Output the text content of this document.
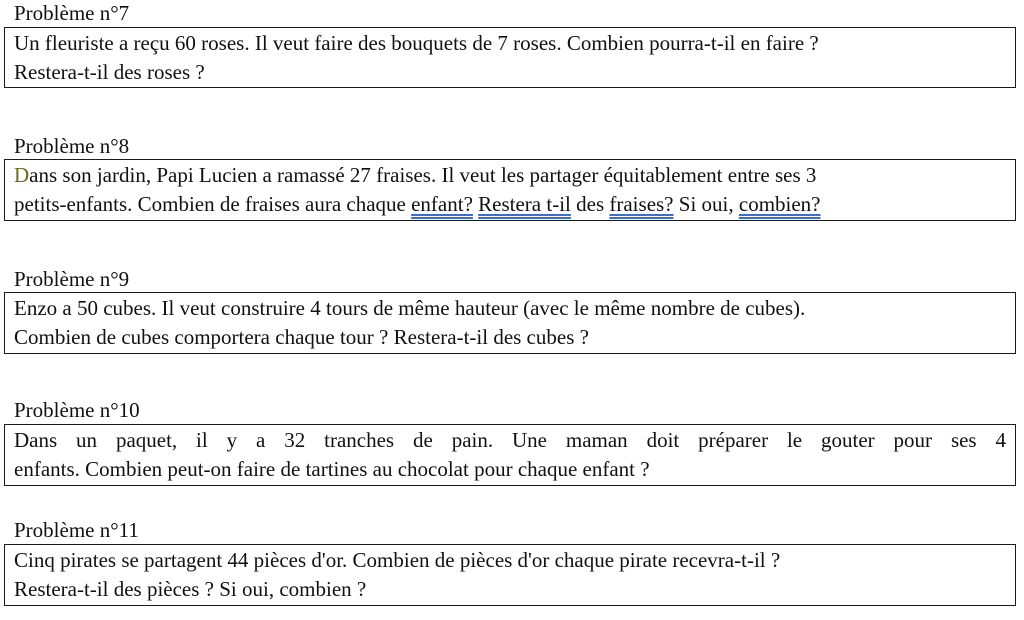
Problème n°7

Un fleuriste a reçu 60 roses. Il veut faire des bouquets de 7 roses. Combien pourra-t-il en faire ?

Restera-t-il des roses ?

Problème n°8

Dans son jardin, Papi Lucien a ramassé 27 fraises. Il veut les partager équitablement entre ses 3

petits-enfants. Combien de fraises aura chaque enfant? Restera t-il des fraises? Si oui, combien?

Problème n°9

Enzo a 50 cubes. Il veut construire 4 tours de même hauteur (avec le même nombre de cubes).

Combien de cubes comportera chaque tour ? Restera-t-il des cubes ?

Problème n°10

Dans un paquet, il y a 32 tranches de pain. Une maman doit préparer le gouter pour ses 4

enfants. Combien peut-on faire de tartines au chocolat pour chaque enfant ?

Problème n°11

Cinq pirates se partagent 44 pièces d'or. Combien de pièces d'or chaque pirate recevra-t-il ?

Restera-t-il des pièces ? Si oui, combien ?
